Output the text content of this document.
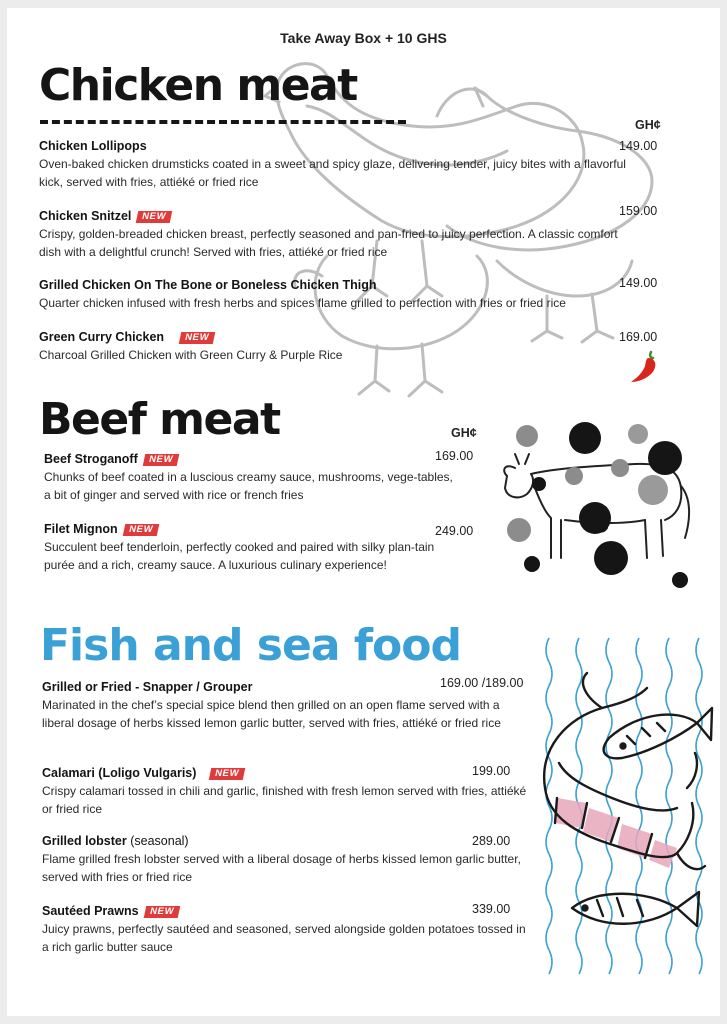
Take Away Box + 10 GHS
Chicken meat
GH¢
Chicken Lollipops
Oven-baked chicken drumsticks coated in a sweet and spicy glaze, delivering tender, juicy bites with a flavorful kick, served with fries, attiéké or fried rice
149.00
Chicken Snitzel NEW
Crispy, golden-breaded chicken breast, perfectly seasoned and pan-fried to juicy perfection. A classic comfort dish with a delightful crunch! Served with fries, attiéké or fried rice
159.00
Grilled Chicken On The Bone or Boneless Chicken Thigh
Quarter chicken infused with fresh herbs and spices flame grilled to perfection with fries or fried rice
149.00
Green Curry Chicken NEW
Charcoal Grilled Chicken with Green Curry & Purple Rice
169.00
Beef meat	GH¢
Beef Stroganoff NEW
Chunks of beef coated in a luscious creamy sauce, mushrooms, vege-tables, a bit of ginger and served with rice or french fries
169.00
Filet Mignon NEW
Succulent beef tenderloin, perfectly cooked and paired with silky plan-tain purée and a rich, creamy sauce. A luxurious culinary experience!
249.00
Fish and sea food
Grilled or Fried - Snapper / Grouper
Marinated in the chef’s special spice blend then grilled on an open flame served with a liberal dosage of herbs kissed lemon garlic butter, served with fries, attiéké or fried rice
169.00 /189.00
Calamari (Loligo Vulgaris) NEW
Crispy calamari tossed in chili and garlic, finished with fresh lemon served with fries, attiéké or fried rice
199.00
Grilled lobster (seasonal)
Flame grilled fresh lobster served with a liberal dosage of herbs kissed lemon garlic butter, served with fries or fried rice
289.00
Sautéed Prawns NEW
Juicy prawns, perfectly sautéed and seasoned, served alongside golden potatoes tossed in a rich garlic butter sauce
339.00
